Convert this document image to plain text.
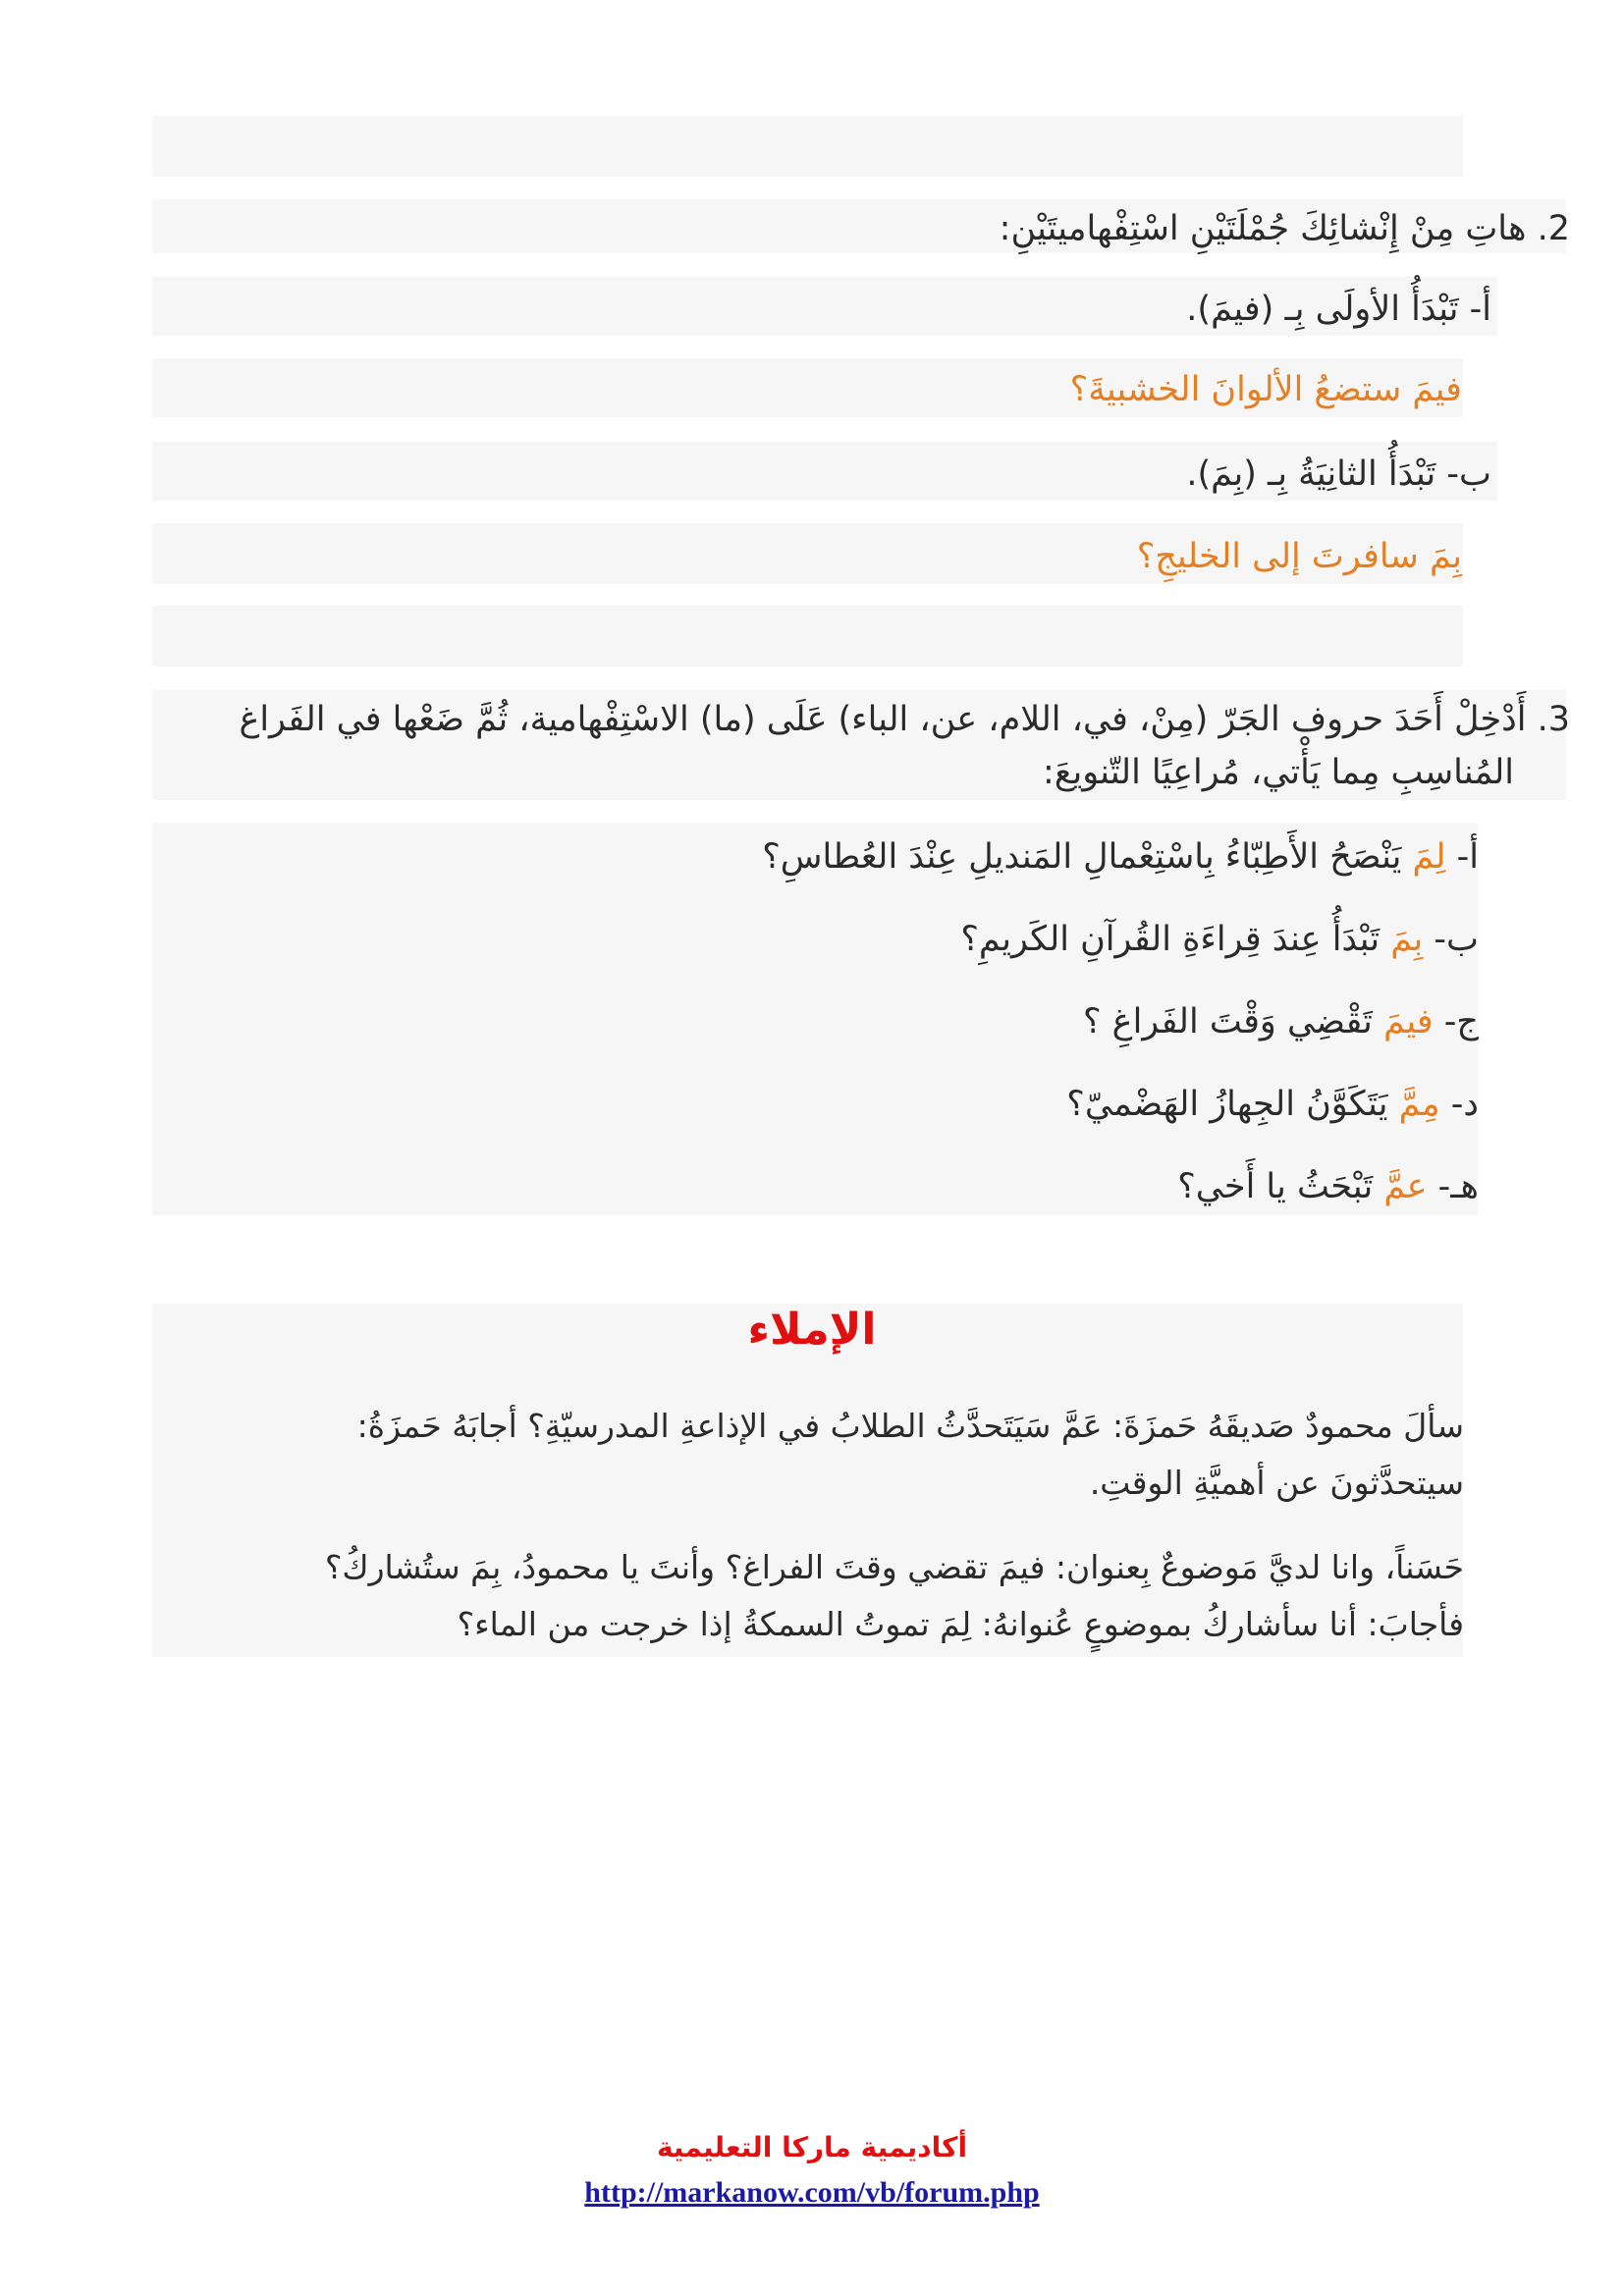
2. هاتِ مِنْ إِنْشائِكَ جُمْلَتَيْنِ اسْتِفْهاميتَيْنِ:
أ- تَبْدَأُ الأولَى بِـ (فيمَ).
فيمَ ستضعُ الألوانَ الخشبيةَ؟
ب- تَبْدَأُ الثانِيَةُ بِـ (بِمَ).
بِمَ سافرتَ إلى الخليجِ؟
3. أَدْخِلْ أَحَدَ حروف الجَرّ (مِنْ، في، اللام، عن، الباء) عَلَى (ما) الاسْتِفْهامية، ثُمَّ ضَعْها في الفَراغ
المُناسِبِ مِما يَأْتي، مُراعِيًا التّنويعَ:
أ- لِمَ يَنْصَحُ الأَطِبّاءُ بِاسْتِعْمالِ المَنديلِ عِنْدَ العُطاسِ؟
ب- بِمَ تَبْدَأُ عِندَ قِراءَةِ القُرآنِ الكَريمِ؟
ج- فيمَ تَقْضِي وَقْتَ الفَراغِ ؟
د- مِمَّ يَتَكَوَّنُ الجِهازُ الهَضْميّ؟
هـ- عمَّ تَبْحَثُ يا أَخي؟
الإملاء
سألَ محمودٌ صَديقَهُ حَمزَةَ: عَمَّ سَيَتَحدَّثُ الطلابُ في الإذاعةِ المدرسيّةِ؟ أجابَهُ حَمزَةُ:
سيتحدَّثونَ عن أهميَّةِ الوقتِ.
حَسَناً، وانا لديَّ مَوضوعٌ بِعنوان: فيمَ تقضي وقتَ الفراغ؟ وأنتَ يا محمودُ، بِمَ ستُشاركُ؟
فأجابَ: أنا سأشاركُ بموضوعٍ عُنوانهُ: لِمَ تموتُ السمكةُ إذا خرجت من الماء؟
أكاديمية ماركا التعليمية
http://markanow.com/vb/forum.php
